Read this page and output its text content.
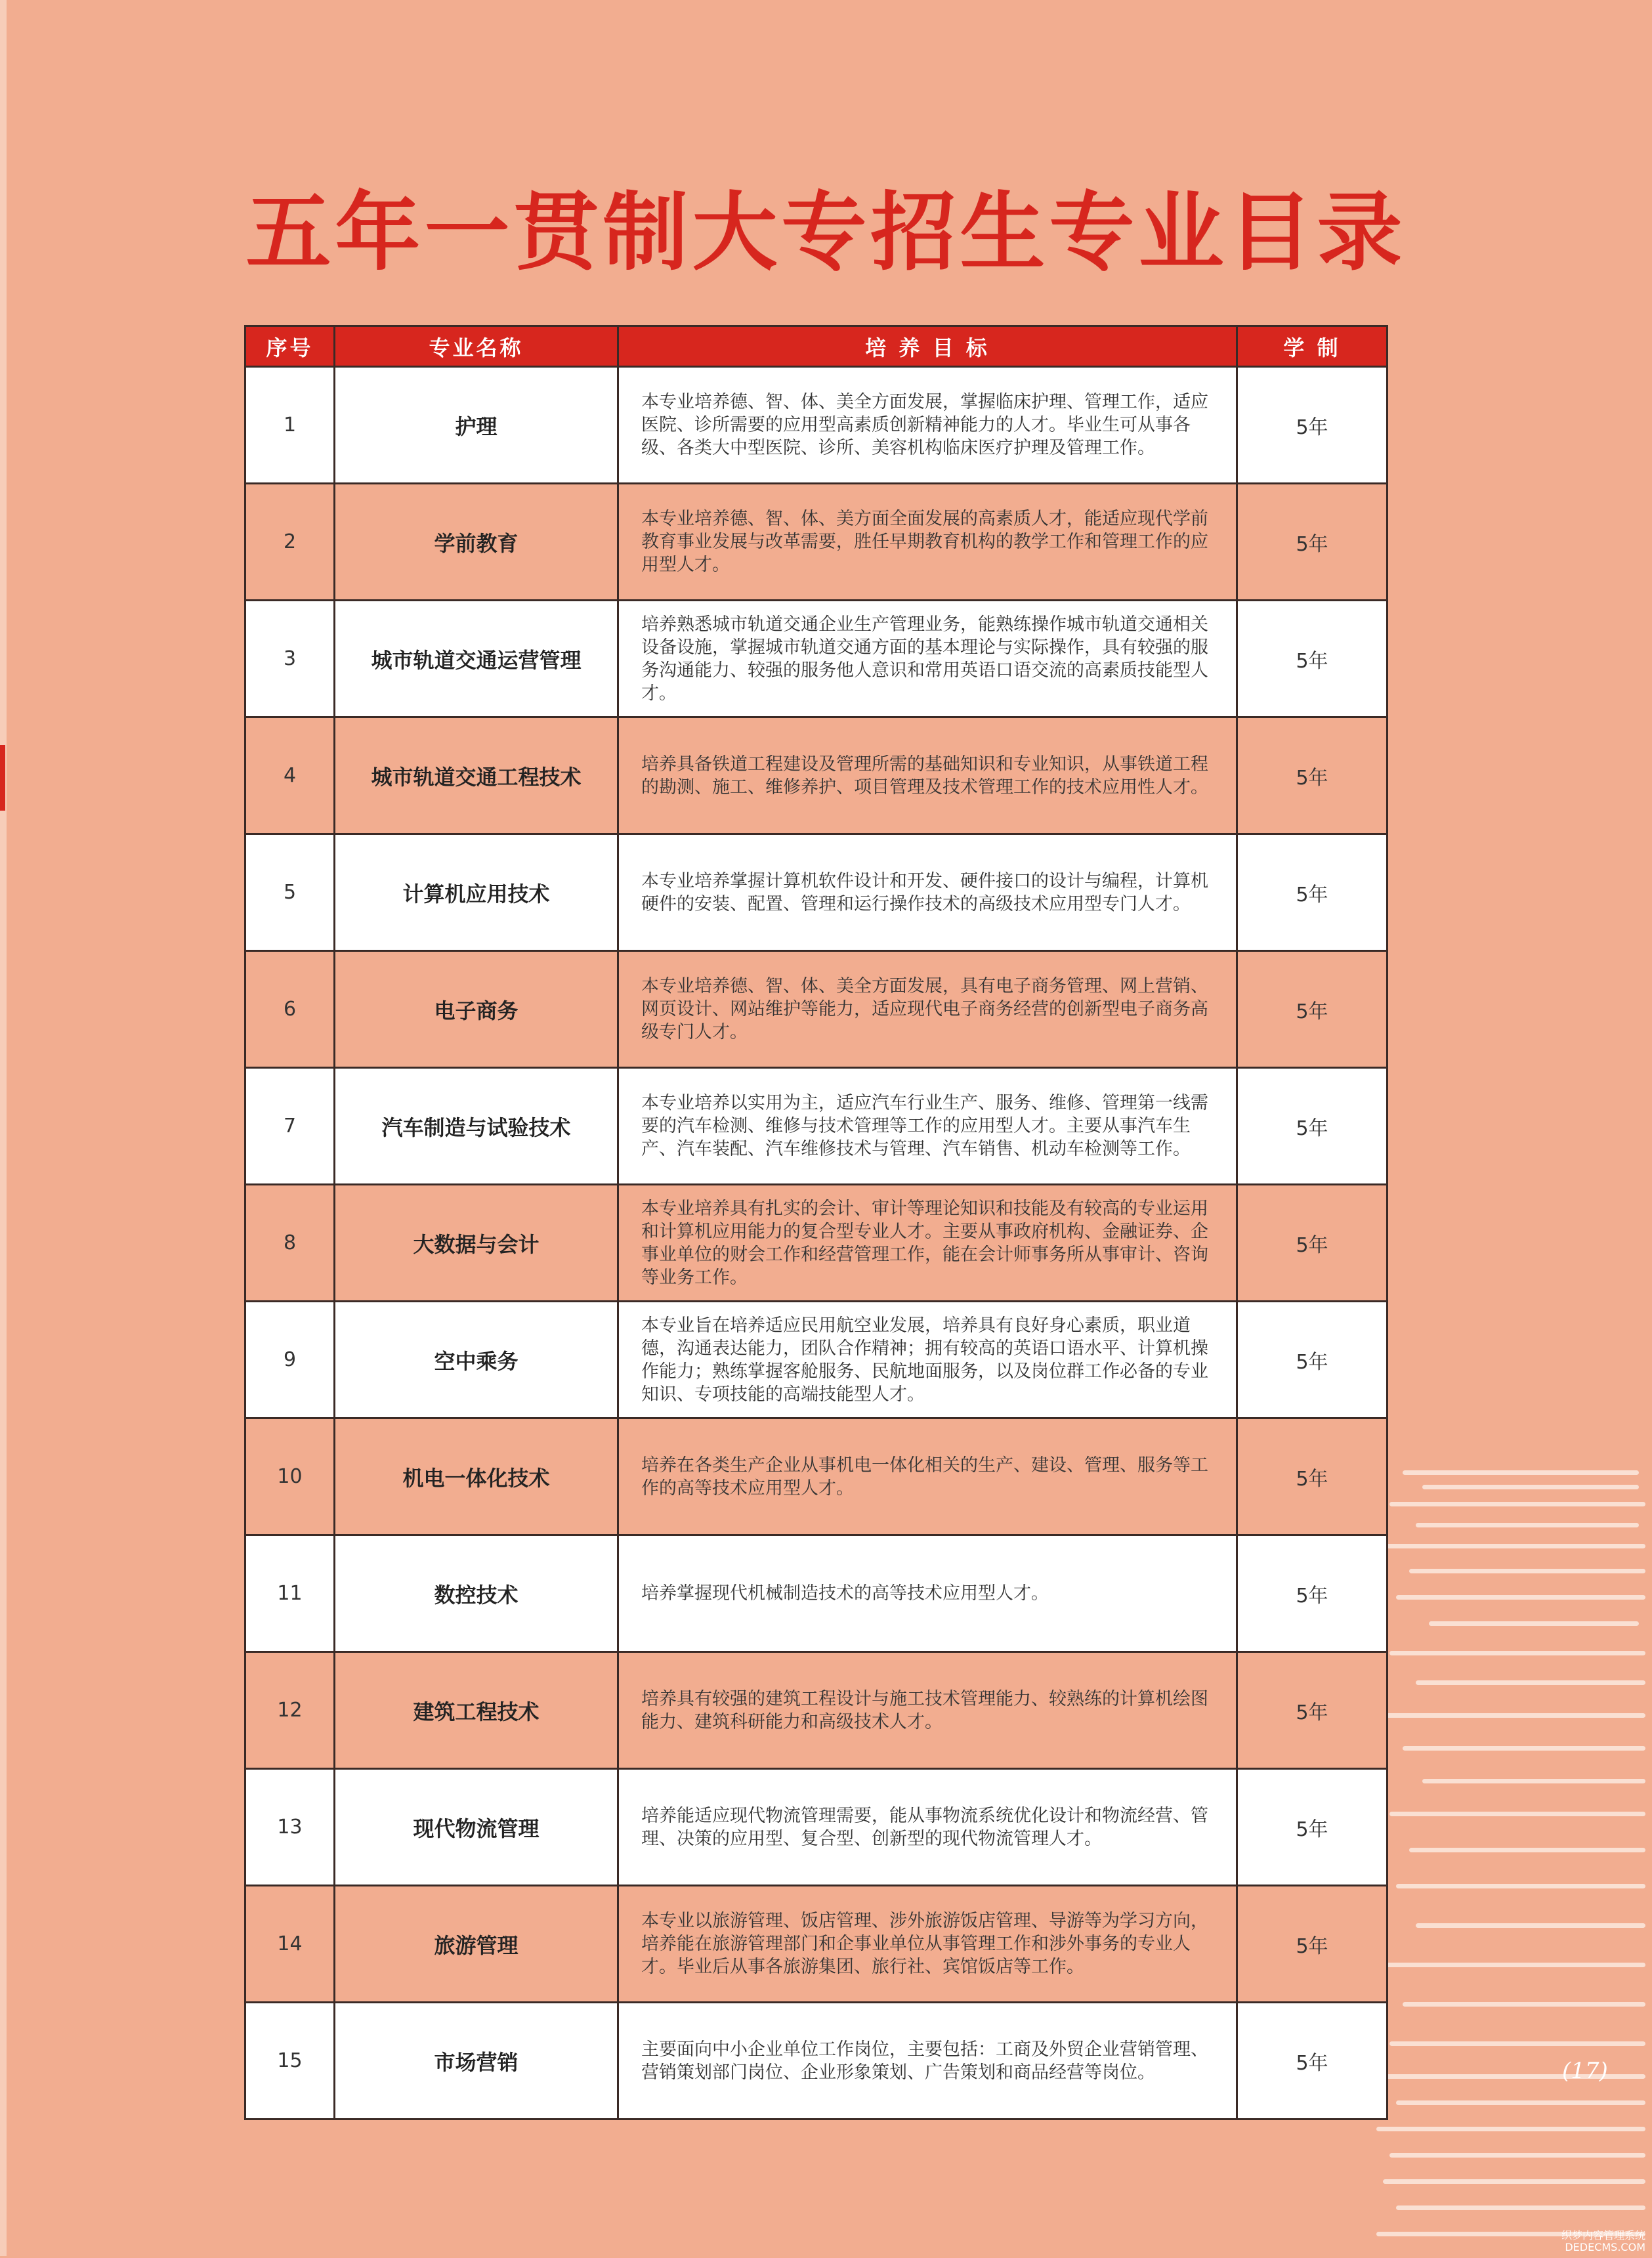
五年一贯制大专招生专业目录
序号	专业名称	培 养 目 标	学 制
1	护理	本专业培养德、智、体、美全方面发展，掌握临床护理、管理工作，适应医院、诊所需要的应用型高素质创新精神能力的人才。毕业生可从事各级、各类大中型医院、诊所、美容机构临床医疗护理及管理工作。	5年
2	学前教育	本专业培养德、智、体、美方面全面发展的高素质人才，能适应现代学前教育事业发展与改革需要，胜任早期教育机构的教学工作和管理工作的应用型人才。	5年
3	城市轨道交通运营管理	培养熟悉城市轨道交通企业生产管理业务，能熟练操作城市轨道交通相关设备设施，掌握城市轨道交通方面的基本理论与实际操作，具有较强的服务沟通能力、较强的服务他人意识和常用英语口语交流的高素质技能型人才。	5年
4	城市轨道交通工程技术	培养具备铁道工程建设及管理所需的基础知识和专业知识，从事铁道工程的勘测、施工、维修养护、项目管理及技术管理工作的技术应用性人才。	5年
5	计算机应用技术	本专业培养掌握计算机软件设计和开发、硬件接口的设计与编程，计算机硬件的安装、配置、管理和运行操作技术的高级技术应用型专门人才。	5年
6	电子商务	本专业培养德、智、体、美全方面发展，具有电子商务管理、网上营销、网页设计、网站维护等能力，适应现代电子商务经营的创新型电子商务高级专门人才。	5年
7	汽车制造与试验技术	本专业培养以实用为主，适应汽车行业生产、服务、维修、管理第一线需要的汽车检测、维修与技术管理等工作的应用型人才。主要从事汽车生产、汽车装配、汽车维修技术与管理、汽车销售、机动车检测等工作。	5年
8	大数据与会计	本专业培养具有扎实的会计、审计等理论知识和技能及有较高的专业运用和计算机应用能力的复合型专业人才。主要从事政府机构、金融证券、企事业单位的财会工作和经营管理工作，能在会计师事务所从事审计、咨询等业务工作。	5年
9	空中乘务	本专业旨在培养适应民用航空业发展，培养具有良好身心素质，职业道德，沟通表达能力，团队合作精神；拥有较高的英语口语水平、计算机操作能力；熟练掌握客舱服务、民航地面服务，以及岗位群工作必备的专业知识、专项技能的高端技能型人才。	5年
10	机电一体化技术	培养在各类生产企业从事机电一体化相关的生产、建设、管理、服务等工作的高等技术应用型人才。	5年
11	数控技术	培养掌握现代机械制造技术的高等技术应用型人才。	5年
12	建筑工程技术	培养具有较强的建筑工程设计与施工技术管理能力、较熟练的计算机绘图能力、建筑科研能力和高级技术人才。	5年
13	现代物流管理	培养能适应现代物流管理需要，能从事物流系统优化设计和物流经营、管理、决策的应用型、复合型、创新型的现代物流管理人才。	5年
14	旅游管理	本专业以旅游管理、饭店管理、涉外旅游饭店管理、导游等为学习方向，培养能在旅游管理部门和企事业单位从事管理工作和涉外事务的专业人才。毕业后从事各旅游集团、旅行社、宾馆饭店等工作。	5年
15	市场营销	主要面向中小企业单位工作岗位，主要包括：工商及外贸企业营销管理、营销策划部门岗位、企业形象策划、广告策划和商品经营等岗位。	5年	(17)
织梦内容管理系统
DEDECMS.COM
